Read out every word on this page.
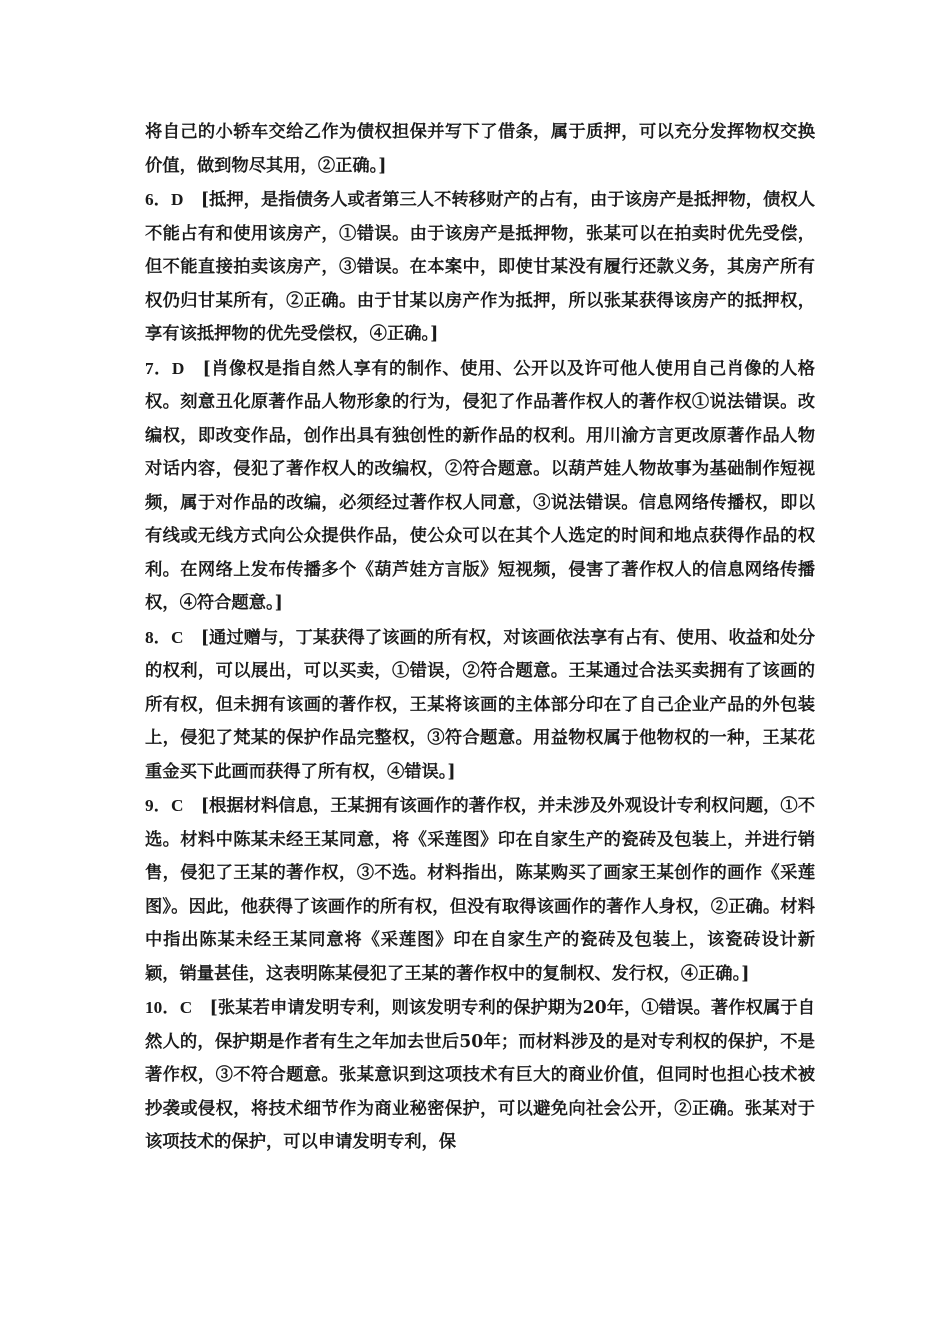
将自己的小轿车交给乙作为债权担保并写下了借条，属于质押，可以充分发挥物权交换价值，做到物尽其用，②正确。]

6．D　[抵押，是指债务人或者第三人不转移财产的占有，由于该房产是抵押物，债权人不能占有和使用该房产，①错误。由于该房产是抵押物，张某可以在拍卖时优先受偿，但不能直接拍卖该房产，③错误。在本案中，即使甘某没有履行还款义务，其房产所有权仍归甘某所有，②正确。由于甘某以房产作为抵押，所以张某获得该房产的抵押权，享有该抵押物的优先受偿权，④正确。]

7．D　[肖像权是指自然人享有的制作、使用、公开以及许可他人使用自己肖像的人格权。刻意丑化原著作品人物形象的行为，侵犯了作品著作权人的著作权①说法错误。改编权，即改变作品，创作出具有独创性的新作品的权利。用川渝方言更改原著作品人物对话内容，侵犯了著作权人的改编权，②符合题意。以葫芦娃人物故事为基础制作短视频，属于对作品的改编，必须经过著作权人同意，③说法错误。信息网络传播权，即以有线或无线方式向公众提供作品，使公众可以在其个人选定的时间和地点获得作品的权利。在网络上发布传播多个《葫芦娃方言版》短视频，侵害了著作权人的信息网络传播权，④符合题意。]

8．C　[通过赠与，丁某获得了该画的所有权，对该画依法享有占有、使用、收益和处分的权利，可以展出，可以买卖，①错误，②符合题意。王某通过合法买卖拥有了该画的所有权，但未拥有该画的著作权，王某将该画的主体部分印在了自己企业产品的外包装上，侵犯了梵某的保护作品完整权，③符合题意。用益物权属于他物权的一种，王某花重金买下此画而获得了所有权，④错误。]

9．C　[根据材料信息，王某拥有该画作的著作权，并未涉及外观设计专利权问题，①不选。材料中陈某未经王某同意，将《采莲图》印在自家生产的瓷砖及包装上，并进行销售，侵犯了王某的著作权，③不选。材料指出，陈某购买了画家王某创作的画作《采莲图》。因此，他获得了该画作的所有权，但没有取得该画作的著作人身权，②正确。材料中指出陈某未经王某同意将《采莲图》印在自家生产的瓷砖及包装上，该瓷砖设计新颖，销量甚佳，这表明陈某侵犯了王某的著作权中的复制权、发行权，④正确。]

10．C　[张某若申请发明专利，则该发明专利的保护期为20年，①错误。著作权属于自然人的，保护期是作者有生之年加去世后50年；而材料涉及的是对专利权的保护，不是著作权，③不符合题意。张某意识到这项技术有巨大的商业价值，但同时也担心技术被抄袭或侵权，将技术细节作为商业秘密保护，可以避免向社会公开，②正确。张某对于该项技术的保护，可以申请发明专利，保
